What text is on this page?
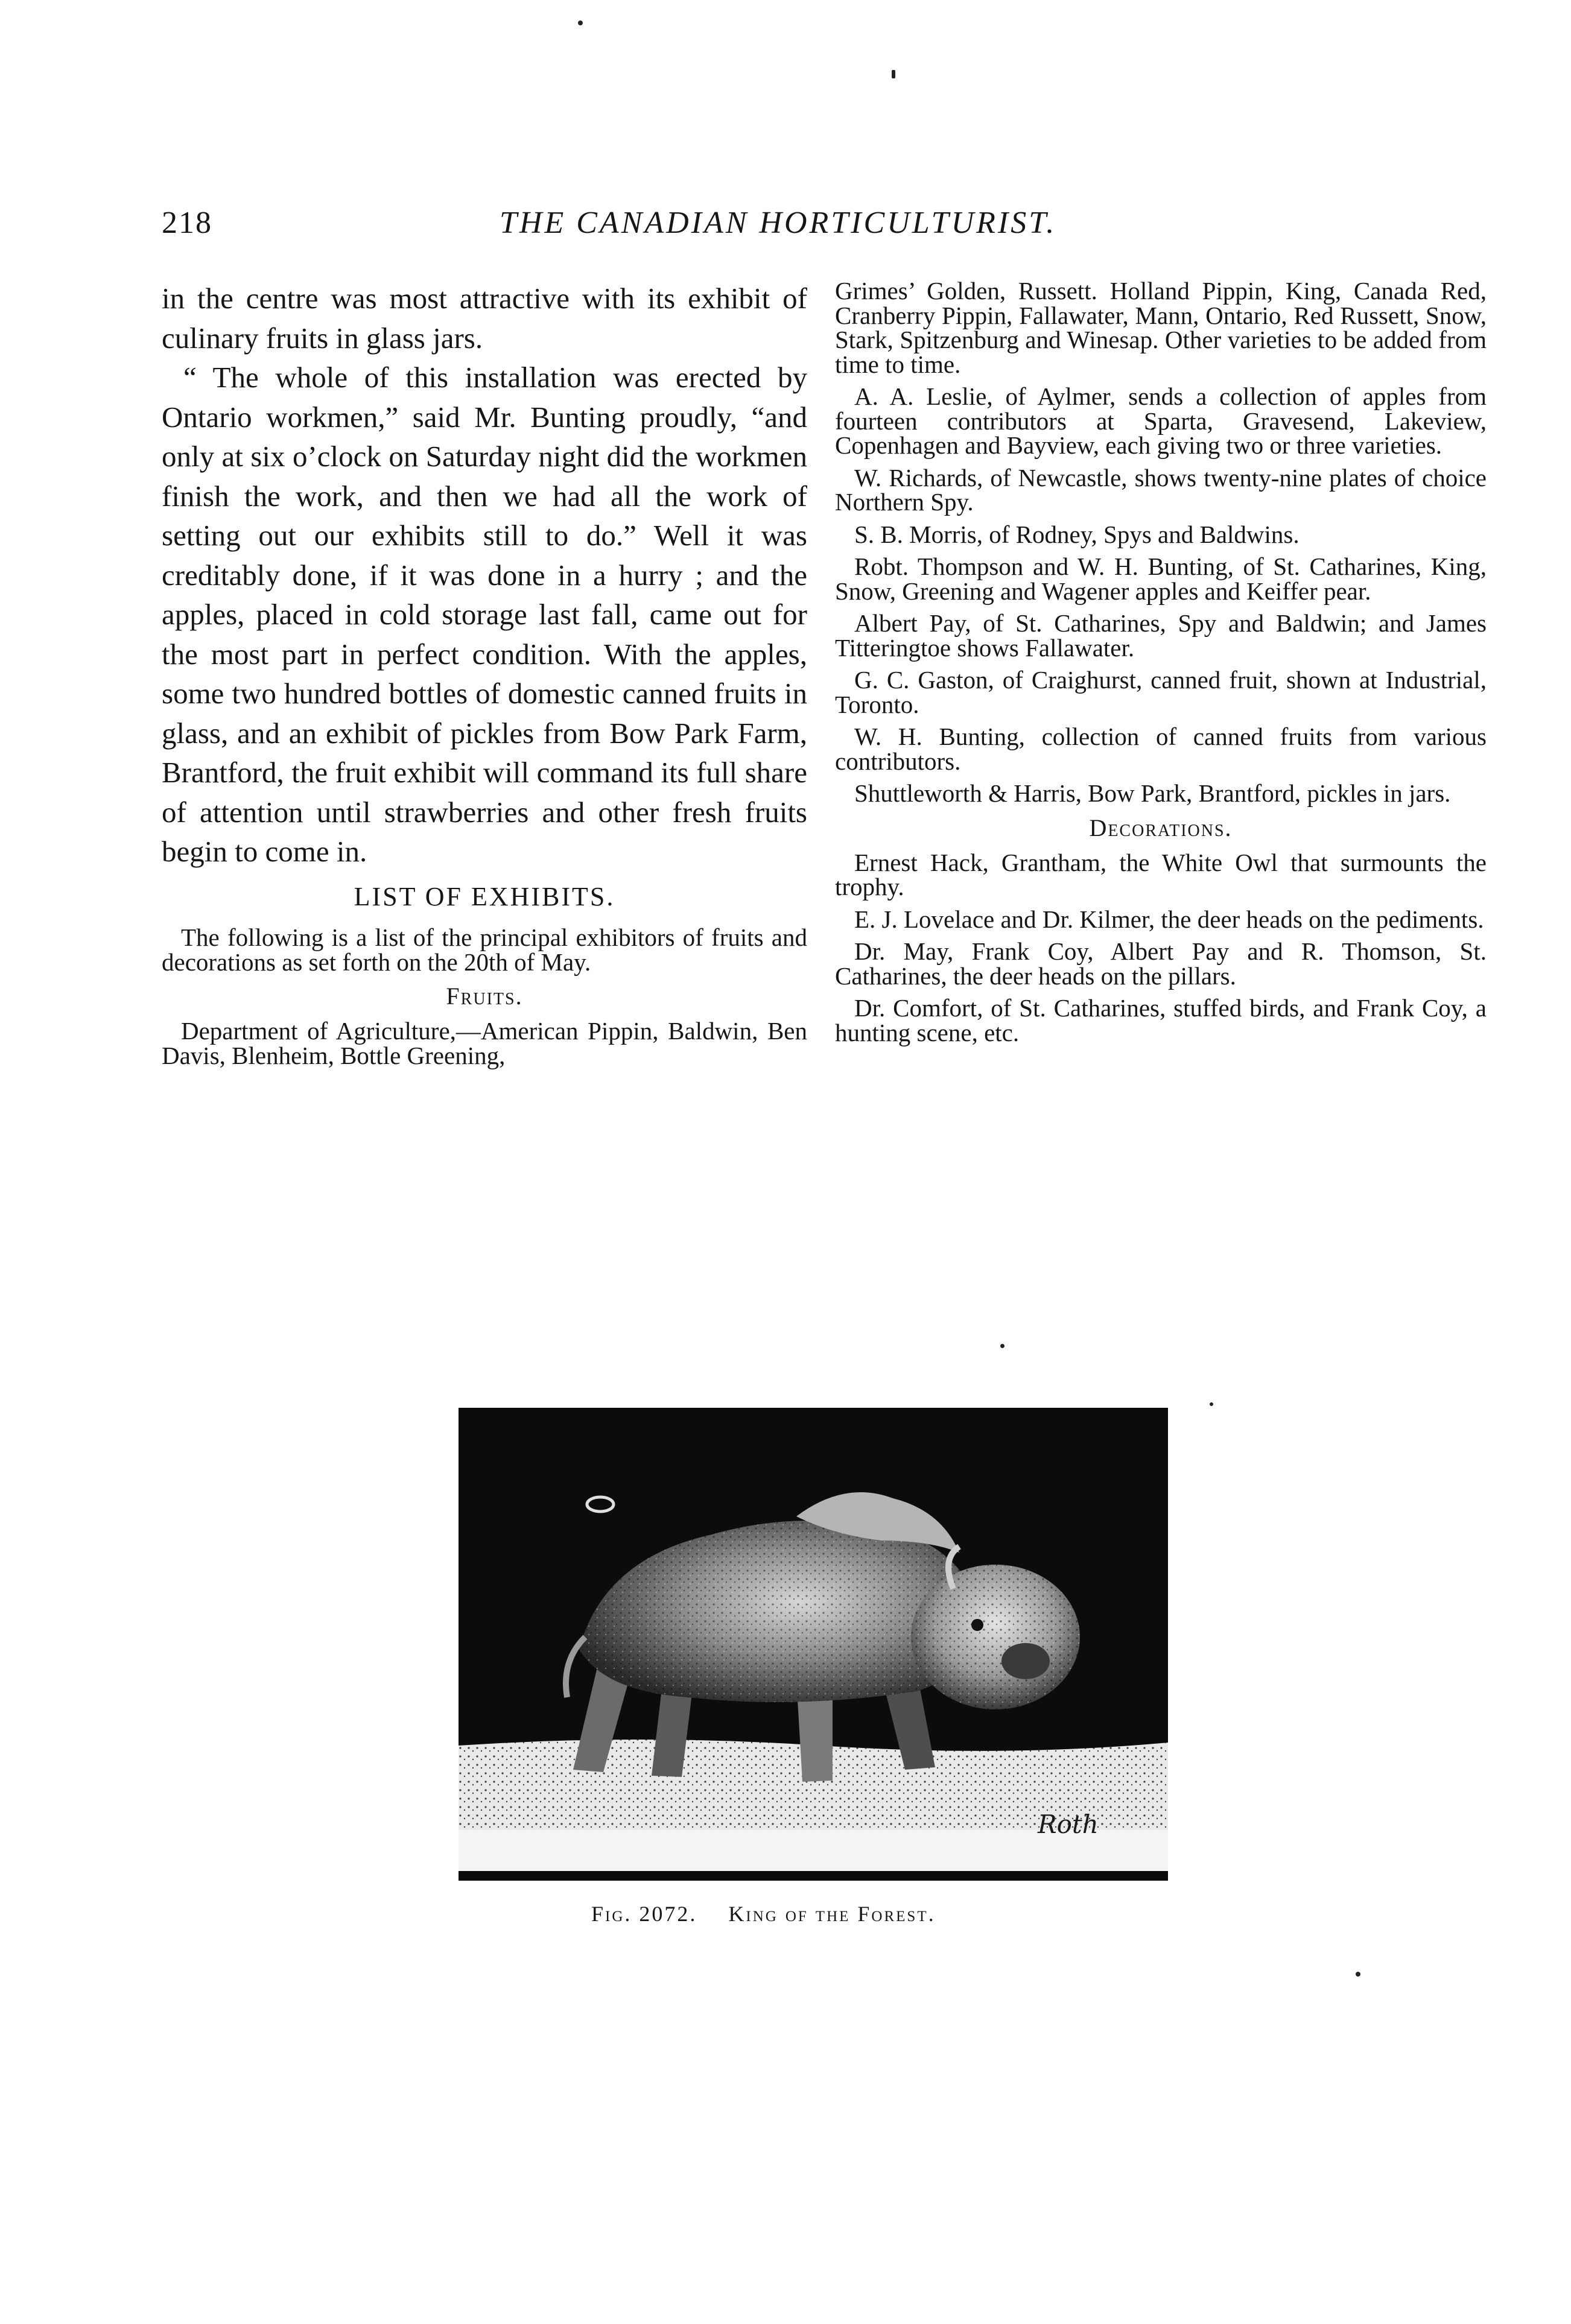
218	THE CANADIAN HORTICULTURIST.

in the centre was most attractive with its exhibit of culinary fruits in glass jars.

“ The whole of this installation was erected by Ontario workmen,” said Mr. Bunting proudly, “and only at six o’clock on Saturday night did the workmen finish the work, and then we had all the work of setting out our exhibits still to do.” Well it was creditably done, if it was done in a hurry ; and the apples, placed in cold storage last fall, came out for the most part in perfect condition. With the apples, some two hundred bottles of domestic canned fruits in glass, and an exhibit of pickles from Bow Park Farm, Brantford, the fruit exhibit will command its full share of attention until strawberries and other fresh fruits begin to come in.

LIST OF EXHIBITS.

The following is a list of the principal exhibitors of fruits and decorations as set forth on the 20th of May.

Fruits.

Department of Agriculture,—American Pippin, Baldwin, Ben Davis, Blenheim, Bottle Greening,

Grimes’ Golden, Russett. Holland Pippin, King, Canada Red, Cranberry Pippin, Fallawater, Mann, Ontario, Red Russett, Snow, Stark, Spitzenburg and Winesap. Other varieties to be added from time to time.

A. A. Leslie, of Aylmer, sends a collection of apples from fourteen contributors at Sparta, Gravesend, Lakeview, Copenhagen and Bayview, each giving two or three varieties.

W. Richards, of Newcastle, shows twenty-nine plates of choice Northern Spy.

S. B. Morris, of Rodney, Spys and Baldwins.

Robt. Thompson and W. H. Bunting, of St. Catharines, King, Snow, Greening and Wagener apples and Keiffer pear.

Albert Pay, of St. Catharines, Spy and Baldwin; and James Titteringtoe shows Fallawater.

G. C. Gaston, of Craighurst, canned fruit, shown at Industrial, Toronto.

W. H. Bunting, collection of canned fruits from various contributors.

Shuttleworth & Harris, Bow Park, Brantford, pickles in jars.

Decorations.

Ernest Hack, Grantham, the White Owl that surmounts the trophy.

E. J. Lovelace and Dr. Kilmer, the deer heads on the pediments.

Dr. May, Frank Coy, Albert Pay and R. Thomson, St. Catharines, the deer heads on the pillars.

Dr. Comfort, of St. Catharines, stuffed birds, and Frank Coy, a hunting scene, etc.

Roth
Fig. 2072. King of the Forest.
